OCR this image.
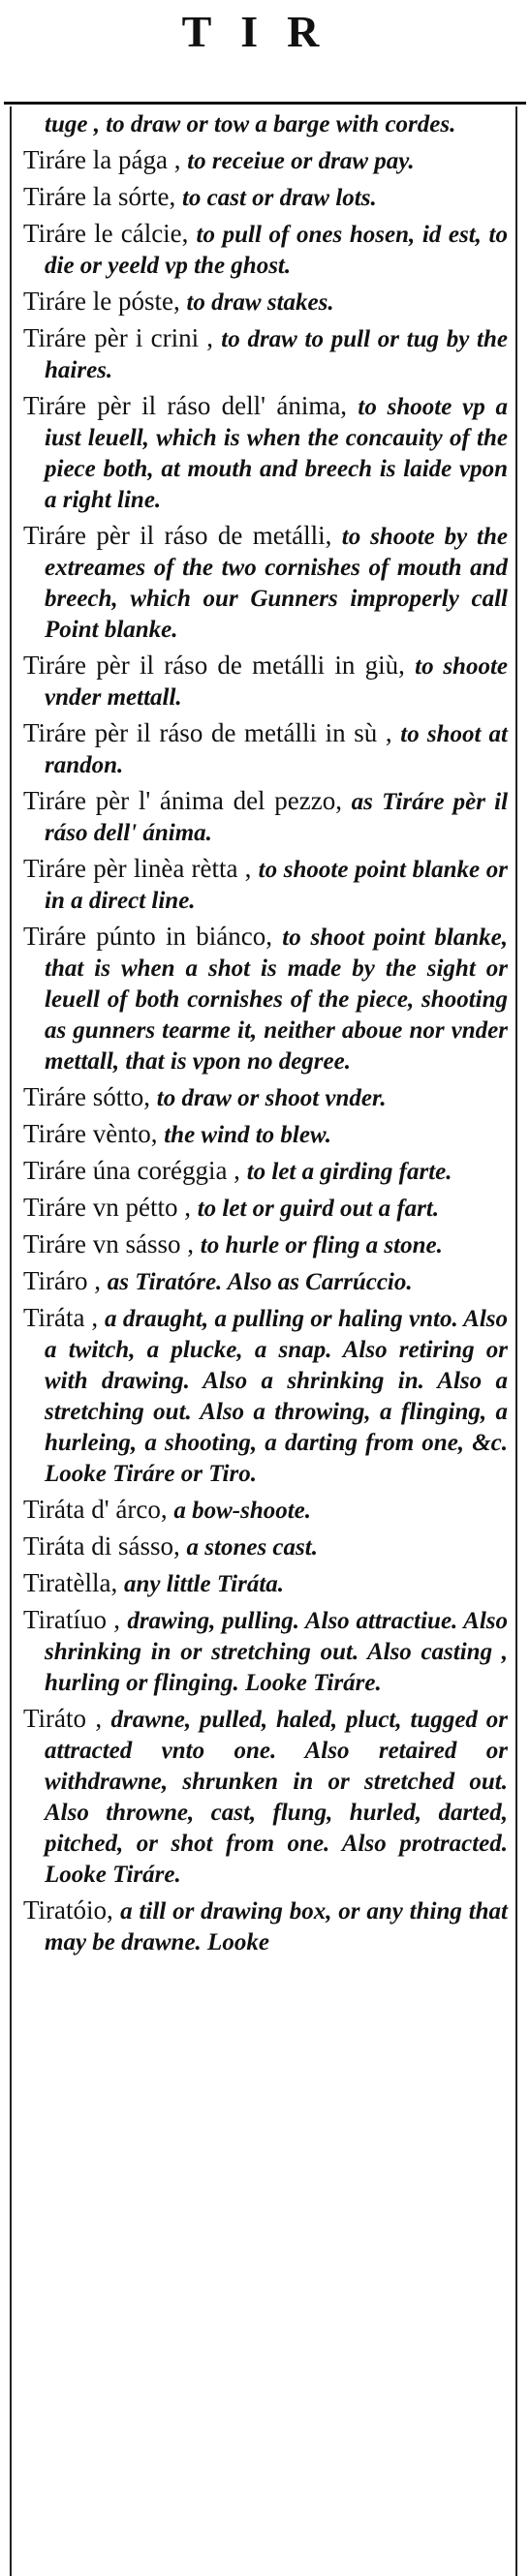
TIR

tuge , to draw or tow a barge with cordes.

Tiráre la pága , to receiue or draw pay.

Tiráre la sórte, to cast or draw lots.

Tiráre le cálcie, to pull of ones hosen, id est, to die or yeeld vp the ghost.

Tiráre le póste, to draw stakes.

Tiráre pèr i crini , to draw to pull or tug by the haires.

Tiráre pèr il ráso dell' ánima, to shoote vp a iust leuell, which is when the concauity of the piece both, at mouth and breech is laide vpon a right line.

Tiráre pèr il ráso de metálli, to shoote by the extreames of the two cornishes of mouth and breech, which our Gunners improperly call Point blanke.

Tiráre pèr il ráso de metálli in giù, to shoote vnder mettall.

Tiráre pèr il ráso de metálli in sù , to shoot at randon.

Tiráre pèr l' ánima del pezzo, as Tiráre pèr il ráso dell' ánima.

Tiráre pèr linèa rètta , to shoote point blanke or in a direct line.

Tiráre púnto in biánco, to shoot point blanke, that is when a shot is made by the sight or leuell of both cornishes of the piece, shooting as gunners tearme it, neither aboue nor vnder mettall, that is vpon no degree.

Tiráre sótto, to draw or shoot vnder.

Tiráre vènto, the wind to blew.

Tiráre úna coréggia , to let a girding farte.

Tiráre vn pétto , to let or guird out a fart.

Tiráre vn sásso , to hurle or fling a stone.

Tiráro , as Tiratóre. Also as Carrúccio.

Tiráta , a draught, a pulling or haling vnto. Also a twitch, a plucke, a snap. Also retiring or with drawing. Also a shrinking in. Also a stretching out. Also a throwing, a flinging, a hurleing, a shooting, a darting from one, &c. Looke Tiráre or Tiro.

Tiráta d' árco, a bow-shoote.

Tiráta di sásso, a stones cast.

Tiratèlla, any little Tiráta.

Tiratíuo , drawing, pulling. Also attractiue. Also shrinking in or stretching out. Also casting , hurling or flinging. Looke Tiráre.

Tiráto , drawne, pulled, haled, pluct, tugged or attracted vnto one. Also retaired or withdrawne, shrunken in or stretched out. Also throwne, cast, flung, hurled, darted, pitched, or shot from one. Also protracted. Looke Tiráre.

Tiratóio, a till or drawing box, or any thing that may be drawne. Looke
